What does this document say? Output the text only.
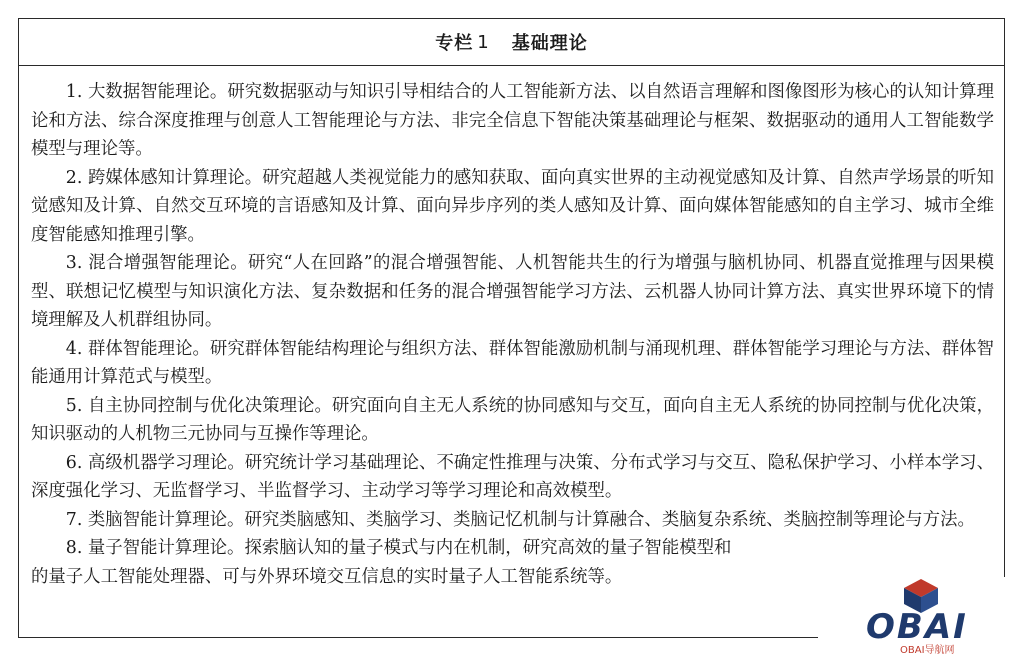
专栏 1 基础理论

1. 大数据智能理论。研究数据驱动与知识引导相结合的人工智能新方法、以自然语言理解和图像图形为核心的认知计算理论和方法、综合深度推理与创意人工智能理论与方法、非完全信息下智能决策基础理论与框架、数据驱动的通用人工智能数学模型与理论等。

2. 跨媒体感知计算理论。研究超越人类视觉能力的感知获取、面向真实世界的主动视觉感知及计算、自然声学场景的听知觉感知及计算、自然交互环境的言语感知及计算、面向异步序列的类人感知及计算、面向媒体智能感知的自主学习、城市全维度智能感知推理引擎。

3. 混合增强智能理论。研究“人在回路”的混合增强智能、人机智能共生的行为增强与脑机协同、机器直觉推理与因果模型、联想记忆模型与知识演化方法、复杂数据和任务的混合增强智能学习方法、云机器人协同计算方法、真实世界环境下的情境理解及人机群组协同。

4. 群体智能理论。研究群体智能结构理论与组织方法、群体智能激励机制与涌现机理、群体智能学习理论与方法、群体智能通用计算范式与模型。

5. 自主协同控制与优化决策理论。研究面向自主无人系统的协同感知与交互，面向自主无人系统的协同控制与优化决策，知识驱动的人机物三元协同与互操作等理论。

6. 高级机器学习理论。研究统计学习基础理论、不确定性推理与决策、分布式学习与交互、隐私保护学习、小样本学习、深度强化学习、无监督学习、半监督学习、主动学习等学习理论和高效模型。

7. 类脑智能计算理论。研究类脑感知、类脑学习、类脑记忆机制与计算融合、类脑复杂系统、类脑控制等理论与方法。

8. 量子智能计算理论。探索脑认知的量子模式与内在机制，研究高效的量子智能模型和

的量子人工智能处理器、可与外界环境交互信息的实时量子人工智能系统等。

OBAI
OBAI导航网
